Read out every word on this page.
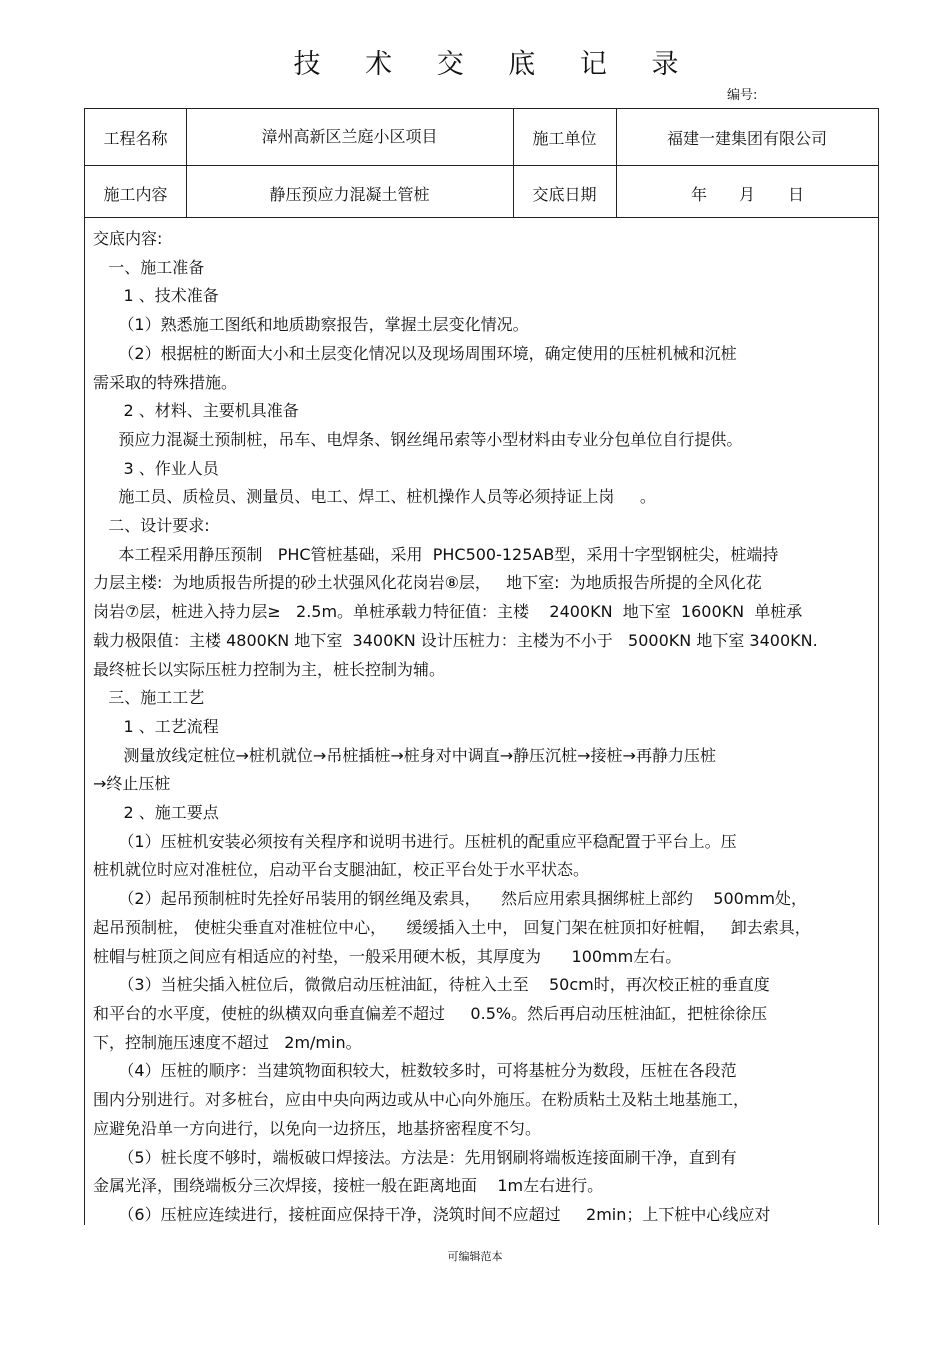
技 术 交 底 记 录
编号:
工程名称	漳州高新区兰庭小区项目	施工单位	福建一建集团有限公司
施工内容	静压预应力混凝土管桩	交底日期	年 月 日
交底内容:
一、施工准备
1 、技术准备
（1）熟悉施工图纸和地质勘察报告，掌握土层变化情况。
（2）根据桩的断面大小和土层变化情况以及现场周围环境，确定使用的压桩机械和沉桩
需采取的特殊措施。
2 、材料、主要机具准备
预应力混凝土预制桩，吊车、电焊条、钢丝绳吊索等小型材料由专业分包单位自行提供。
3 、作业人员
施工员、质检员、测量员、电工、焊工、桩机操作人员等必须持证上岗     。
二、设计要求:
本工程采用静压预制   PHC管桩基础，采用  PHC500-125AB型，采用十字型钢桩尖，桩端持
力层主楼:  为地质报告所提的砂土状强风化花岗岩⑧层，   地下室:  为地质报告所提的全风化花
岗岩⑦层，桩进入持力层≥   2.5m。单桩承载力特征值：主楼    2400KN  地下室  1600KN  单桩承
载力极限值：主楼 4800KN 地下室  3400KN 设计压桩力：主楼为不小于   5000KN 地下室 3400KN.
最终桩长以实际压桩力控制为主，桩长控制为辅。
三、施工工艺
1 、工艺流程
测量放线定桩位→桩机就位→吊桩插桩→桩身对中调直→静压沉桩→接桩→再静力压桩
→终止压桩
2 、施工要点
（1）压桩机安装必须按有关程序和说明书进行。压桩机的配重应平稳配置于平台上。压
桩机就位时应对准桩位，启动平台支腿油缸，校正平台处于水平状态。
（2）起吊预制桩时先拴好吊装用的钢丝绳及索具，    然后应用索具捆绑桩上部约    500mm处，
起吊预制桩， 使桩尖垂直对准桩位中心，    缓缓插入土中， 回复门架在桩顶扣好桩帽，   卸去索具，
桩帽与桩顶之间应有相适应的衬垫，一般采用硬木板，其厚度为      100mm左右。
（3）当桩尖插入桩位后，微微启动压桩油缸，待桩入土至    50cm时，再次校正桩的垂直度
和平台的水平度，使桩的纵横双向垂直偏差不超过     0.5%。然后再启动压桩油缸，把桩徐徐压
下，控制施压速度不超过   2m/min。
（4）压桩的顺序：当建筑物面积较大，桩数较多时，可将基桩分为数段，压桩在各段范
围内分别进行。对多桩台，应由中央向两边或从中心向外施压。在粉质粘土及粘土地基施工，
应避免沿单一方向进行，以免向一边挤压，地基挤密程度不匀。
（5）桩长度不够时，端板破口焊接法。方法是：先用钢刷将端板连接面刷干净，直到有
金属光泽，围绕端板分三次焊接，接桩一般在距离地面    1m左右进行。
（6）压桩应连续进行，接桩面应保持干净，浇筑时间不应超过     2min；上下桩中心线应对
可编辑范本
